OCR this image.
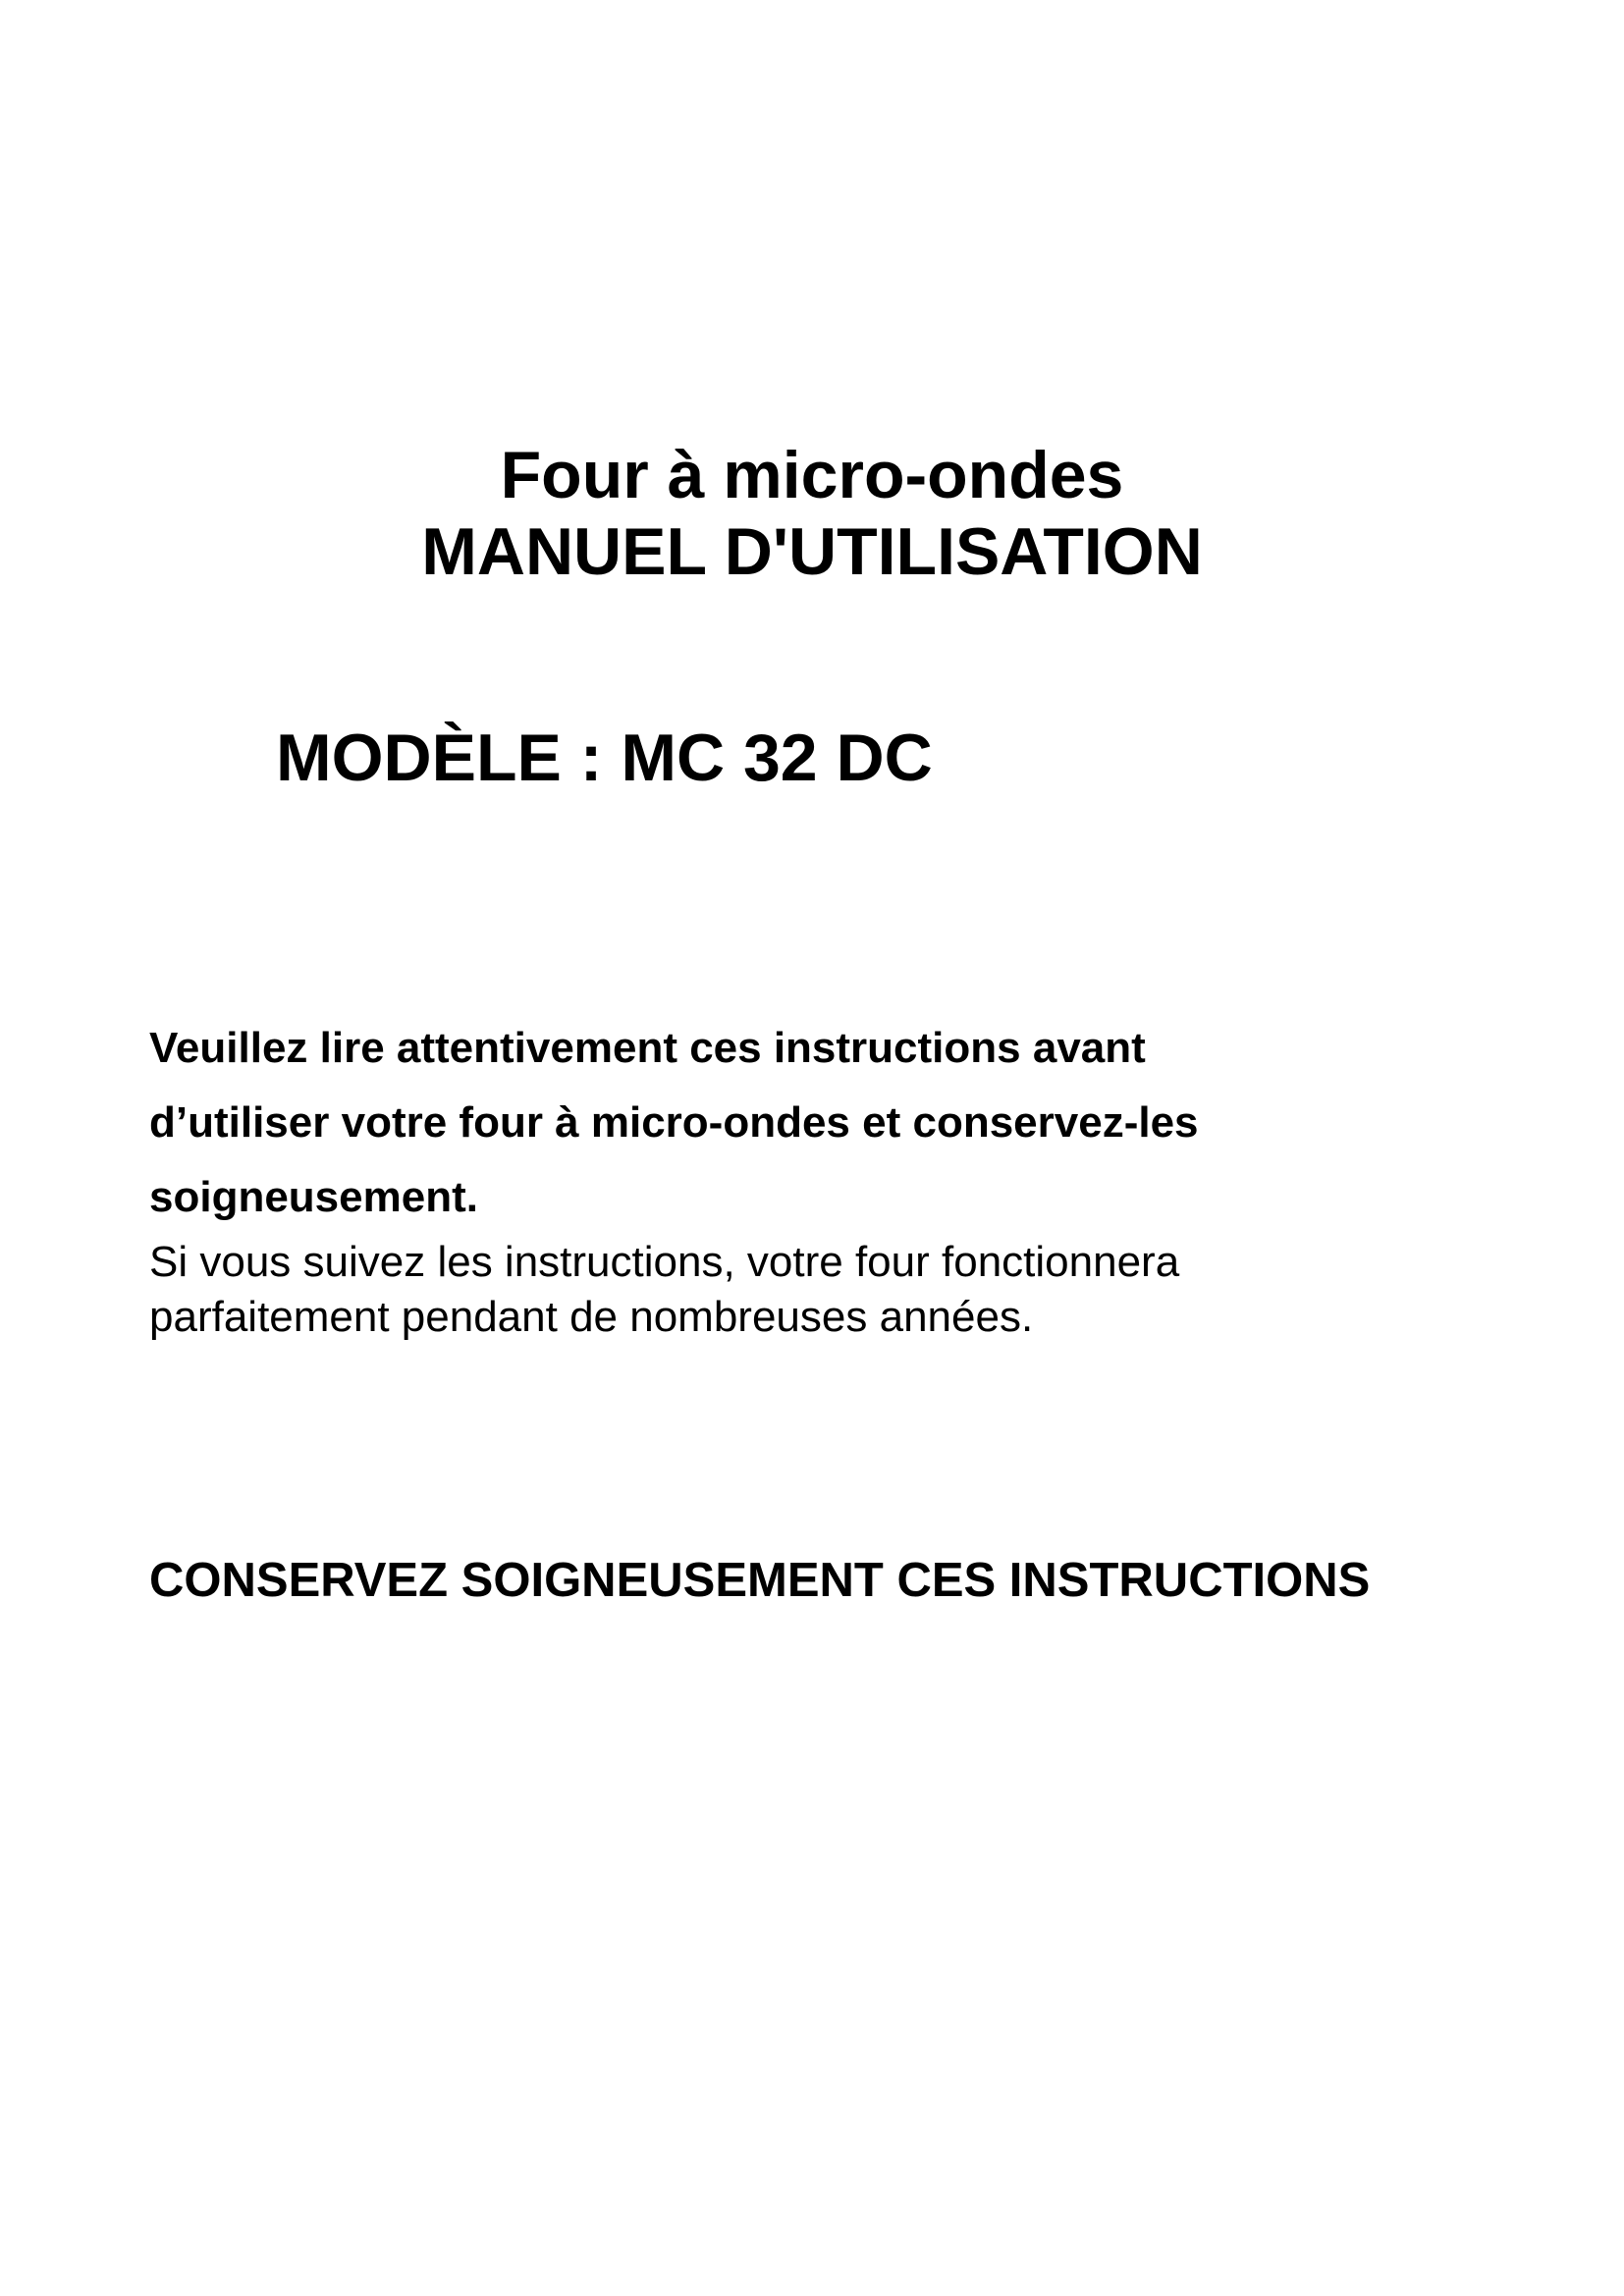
Four à micro-ondes
MANUEL D'UTILISATION
MODÈLE : MC 32 DC

Veuillez lire attentivement ces instructions avant

d’utiliser votre four à micro-ondes et conservez-les

soigneusement.

Si vous suivez les instructions, votre four fonctionnera

parfaitement pendant de nombreuses années.

CONSERVEZ SOIGNEUSEMENT CES INSTRUCTIONS
